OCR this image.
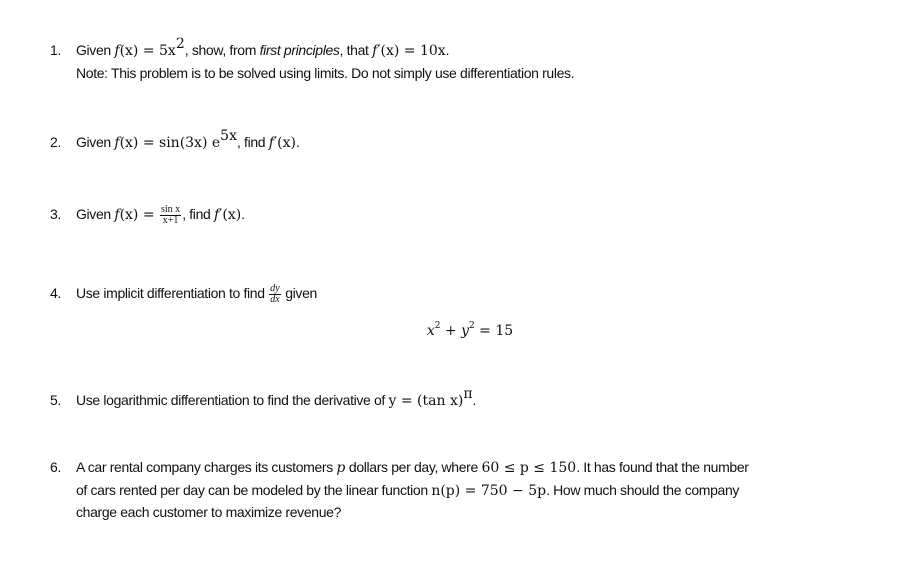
1. Given $f(x) = 5x^2$, show, from first principles, that f′(x) = 10x.
Note: This problem is to be solved using limits. Do not simply use differentiation rules.
2. Given f(x) = sin(3x) $e^{5x}$, find f′(x).
3. Given $f(x) = \frac{\text{sin x}}{x+1}$ , find f′(x).
4. Use implicit differentiation to find $\frac{dy}{dx}$ given
$x^2 + y^2 = 15$
5. Use logarithmic differentiation to find the derivative of y = (tan x)$^\pi$.
6. A car rental company charges its customers p dollars per day, where 60 ≤ p ≤ 150. It has found that the number
of cars rented per day can be modeled by the linear function n(p) = 750 − 5p. How much should the company
charge each customer to maximize revenue?
